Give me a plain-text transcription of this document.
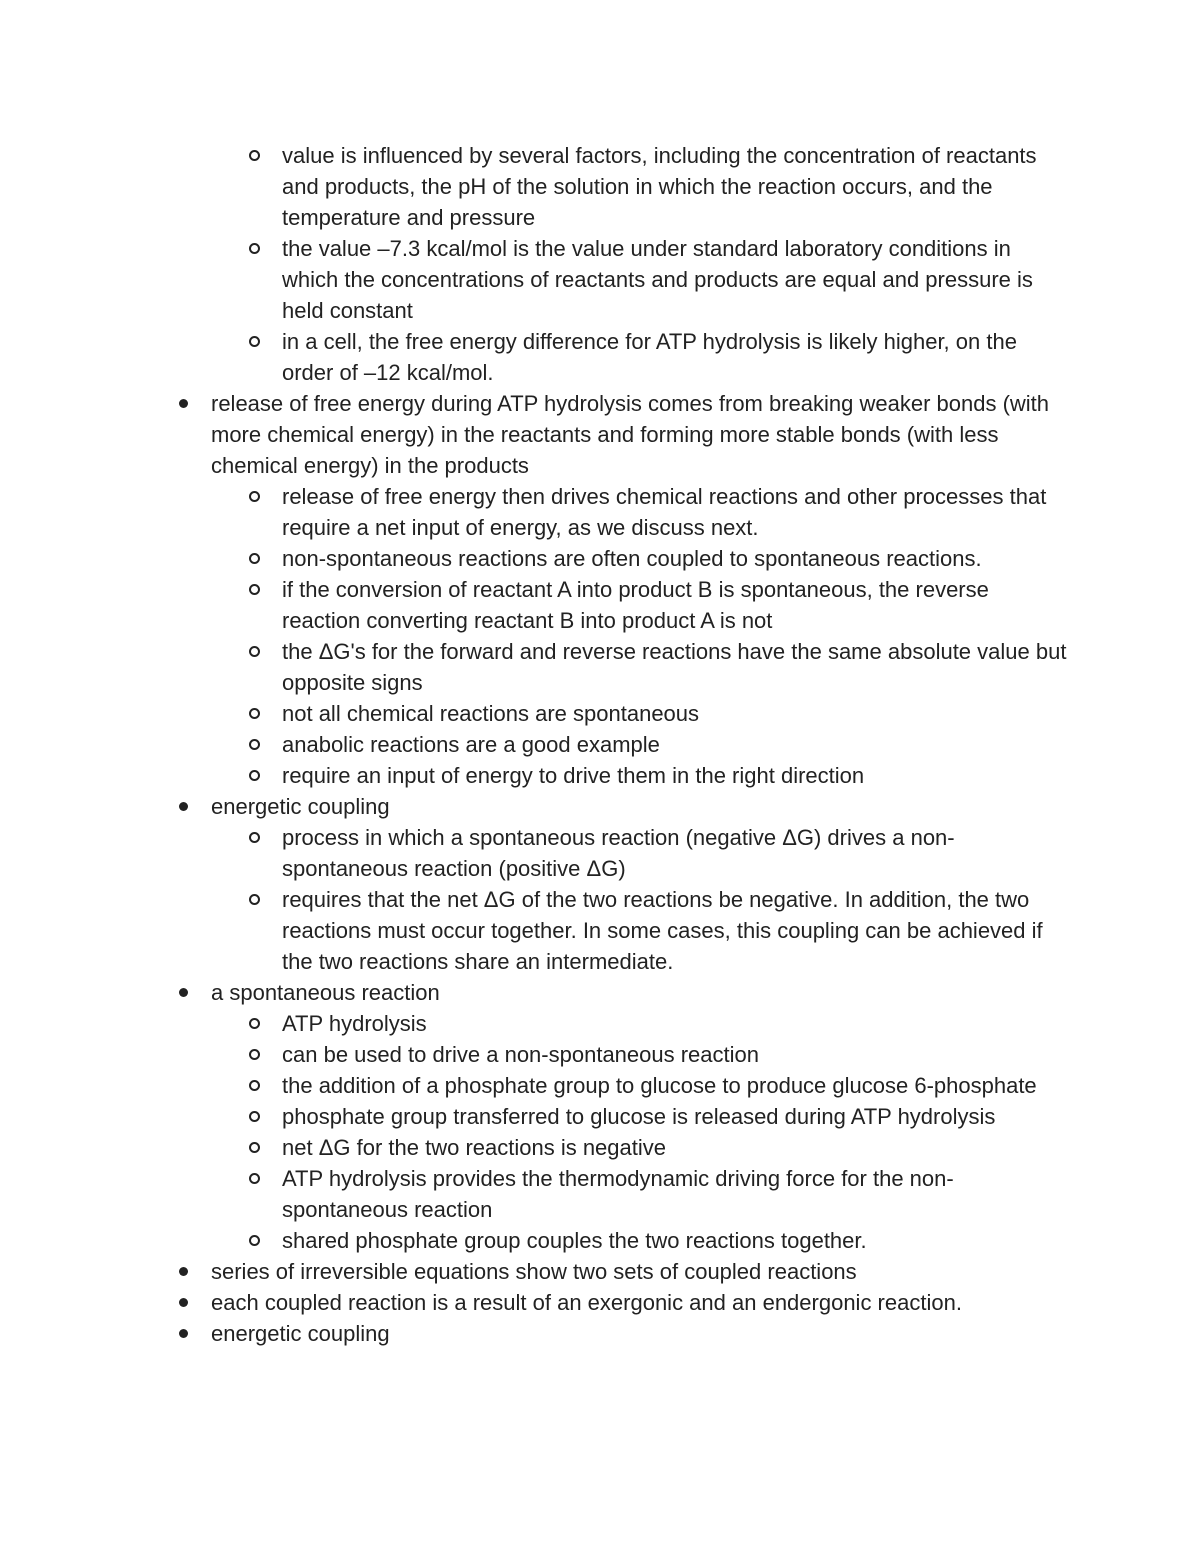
value is influenced by several factors, including the concentration of reactants and products, the pH of the solution in which the reaction occurs, and the temperature and pressure
the value –7.3 kcal/mol is the value under standard laboratory conditions in which the concentrations of reactants and products are equal and pressure is held constant
in a cell, the free energy difference for ATP hydrolysis is likely higher, on the order of –12 kcal/mol.
release of free energy during ATP hydrolysis comes from breaking weaker bonds (with more chemical energy) in the reactants and forming more stable bonds (with less chemical energy) in the products
release of free energy then drives chemical reactions and other processes that require a net input of energy, as we discuss next.
non-spontaneous reactions are often coupled to spontaneous reactions.
if the conversion of reactant A into product B is spontaneous, the reverse reaction converting reactant B into product A is not
the ΔG's for the forward and reverse reactions have the same absolute value but opposite signs
not all chemical reactions are spontaneous
anabolic reactions are a good example
require an input of energy to drive them in the right direction
energetic coupling
process in which a spontaneous reaction (negative ΔG) drives a non-spontaneous reaction (positive ΔG)
requires that the net ΔG of the two reactions be negative. In addition, the two reactions must occur together. In some cases, this coupling can be achieved if the two reactions share an intermediate.
a spontaneous reaction
ATP hydrolysis
can be used to drive a non-spontaneous reaction
the addition of a phosphate group to glucose to produce glucose 6-phosphate
phosphate group transferred to glucose is released during ATP hydrolysis
net ΔG for the two reactions is negative
ATP hydrolysis provides the thermodynamic driving force for the non-spontaneous reaction
shared phosphate group couples the two reactions together.
series of irreversible equations show two sets of coupled reactions
each coupled reaction is a result of an exergonic and an endergonic reaction.
energetic coupling
